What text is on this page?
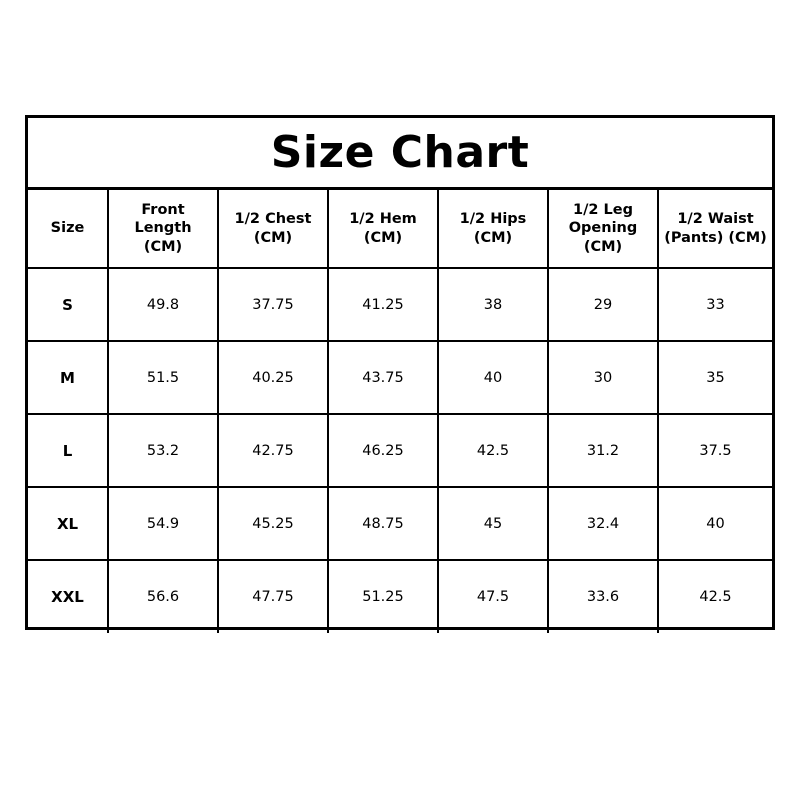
Size Chart
Size	Front Length (CM)	1/2 Chest (CM)	1/2 Hem (CM)	1/2 Hips (CM)	1/2 Leg Opening (CM)	1/2 Waist (Pants) (CM)
S	49.8	37.75	41.25	38	29	33
M	51.5	40.25	43.75	40	30	35
L	53.2	42.75	46.25	42.5	31.2	37.5
XL	54.9	45.25	48.75	45	32.4	40
XXL	56.6	47.75	51.25	47.5	33.6	42.5
